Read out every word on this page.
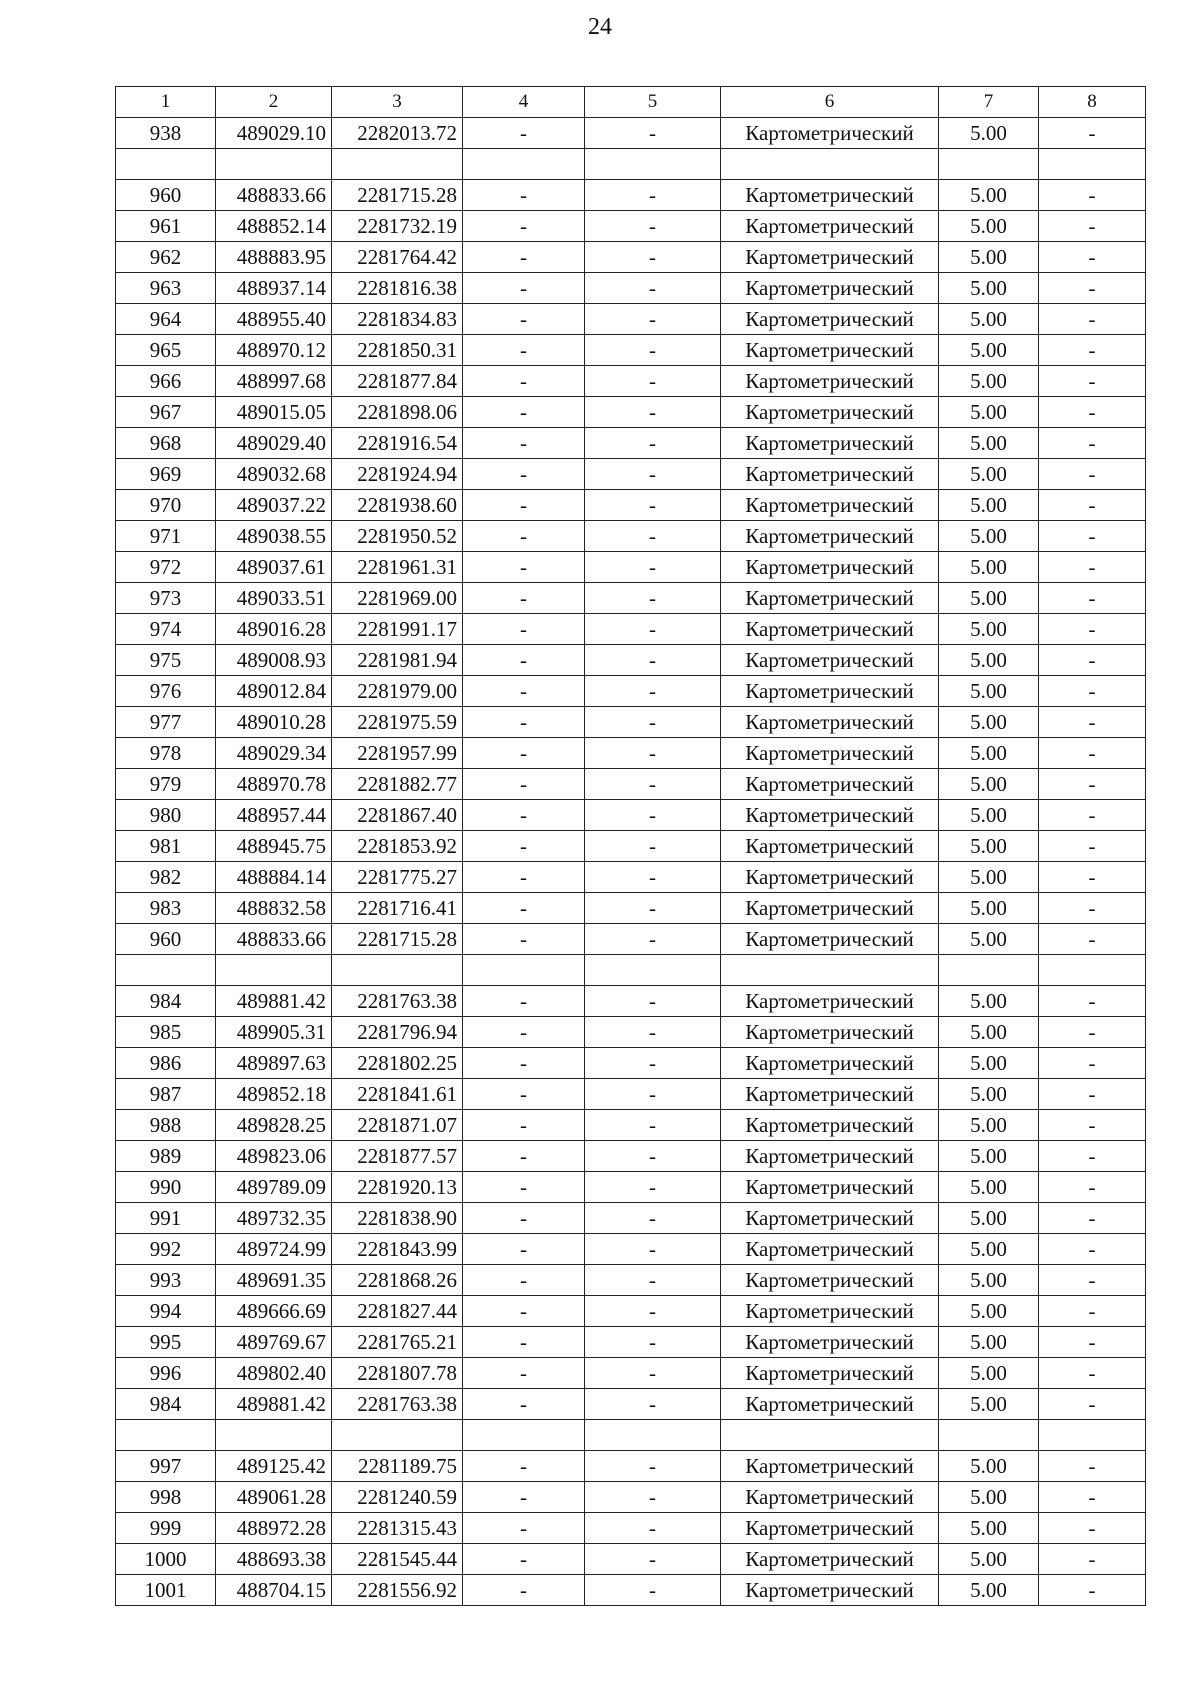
24
1	2	3	4	5	6	7	8
938	489029.10	2282013.72	-	-	Картометрический	5.00	-

960	488833.66	2281715.28	-	-	Картометрический	5.00	-
961	488852.14	2281732.19	-	-	Картометрический	5.00	-
962	488883.95	2281764.42	-	-	Картометрический	5.00	-
963	488937.14	2281816.38	-	-	Картометрический	5.00	-
964	488955.40	2281834.83	-	-	Картометрический	5.00	-
965	488970.12	2281850.31	-	-	Картометрический	5.00	-
966	488997.68	2281877.84	-	-	Картометрический	5.00	-
967	489015.05	2281898.06	-	-	Картометрический	5.00	-
968	489029.40	2281916.54	-	-	Картометрический	5.00	-
969	489032.68	2281924.94	-	-	Картометрический	5.00	-
970	489037.22	2281938.60	-	-	Картометрический	5.00	-
971	489038.55	2281950.52	-	-	Картометрический	5.00	-
972	489037.61	2281961.31	-	-	Картометрический	5.00	-
973	489033.51	2281969.00	-	-	Картометрический	5.00	-
974	489016.28	2281991.17	-	-	Картометрический	5.00	-
975	489008.93	2281981.94	-	-	Картометрический	5.00	-
976	489012.84	2281979.00	-	-	Картометрический	5.00	-
977	489010.28	2281975.59	-	-	Картометрический	5.00	-
978	489029.34	2281957.99	-	-	Картометрический	5.00	-
979	488970.78	2281882.77	-	-	Картометрический	5.00	-
980	488957.44	2281867.40	-	-	Картометрический	5.00	-
981	488945.75	2281853.92	-	-	Картометрический	5.00	-
982	488884.14	2281775.27	-	-	Картометрический	5.00	-
983	488832.58	2281716.41	-	-	Картометрический	5.00	-
960	488833.66	2281715.28	-	-	Картометрический	5.00	-

984	489881.42	2281763.38	-	-	Картометрический	5.00	-
985	489905.31	2281796.94	-	-	Картометрический	5.00	-
986	489897.63	2281802.25	-	-	Картометрический	5.00	-
987	489852.18	2281841.61	-	-	Картометрический	5.00	-
988	489828.25	2281871.07	-	-	Картометрический	5.00	-
989	489823.06	2281877.57	-	-	Картометрический	5.00	-
990	489789.09	2281920.13	-	-	Картометрический	5.00	-
991	489732.35	2281838.90	-	-	Картометрический	5.00	-
992	489724.99	2281843.99	-	-	Картометрический	5.00	-
993	489691.35	2281868.26	-	-	Картометрический	5.00	-
994	489666.69	2281827.44	-	-	Картометрический	5.00	-
995	489769.67	2281765.21	-	-	Картометрический	5.00	-
996	489802.40	2281807.78	-	-	Картометрический	5.00	-
984	489881.42	2281763.38	-	-	Картометрический	5.00	-

997	489125.42	2281189.75	-	-	Картометрический	5.00	-
998	489061.28	2281240.59	-	-	Картометрический	5.00	-
999	488972.28	2281315.43	-	-	Картометрический	5.00	-
1000	488693.38	2281545.44	-	-	Картометрический	5.00	-
1001	488704.15	2281556.92	-	-	Картометрический	5.00	-
